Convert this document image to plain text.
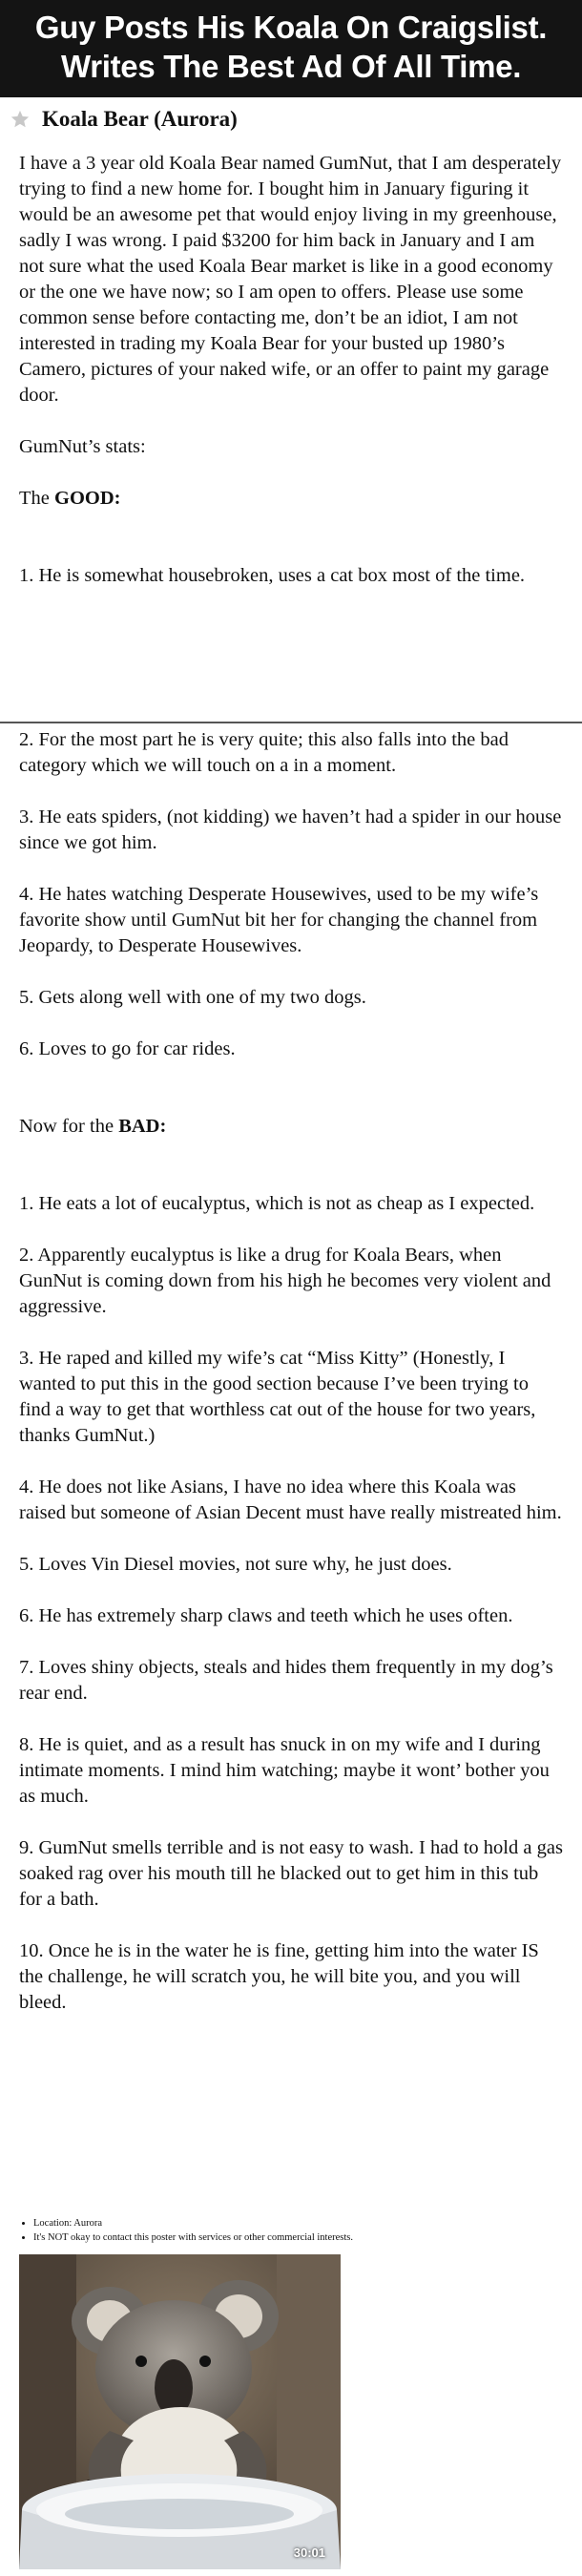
Guy Posts His Koala On Craigslist.
Writes The Best Ad Of All Time.
Koala Bear (Aurora)

I have a 3 year old Koala Bear named GumNut, that I am desperately trying to find a new home for. I bought him in January figuring it would be an awesome pet that would enjoy living in my greenhouse, sadly I was wrong. I paid $3200 for him back in January and I am not sure what the used Koala Bear market is like in a good economy or the one we have now; so I am open to offers. Please use some common sense before contacting me, don’t be an idiot, I am not interested in trading my Koala Bear for your busted up 1980’s Camero, pictures of your naked wife, or an offer to paint my garage door.

GumNut’s stats:

The GOOD:

1. He is somewhat housebroken, uses a cat box most of the time.

2. For the most part he is very quite; this also falls into the bad category which we will touch on a in a moment.

3. He eats spiders, (not kidding) we haven’t had a spider in our house since we got him.

4. He hates watching Desperate Housewives, used to be my wife’s favorite show until GumNut bit her for changing the channel from Jeopardy, to Desperate Housewives.

5. Gets along well with one of my two dogs.

6. Loves to go for car rides.

Now for the BAD:

1. He eats a lot of eucalyptus, which is not as cheap as I expected.

2. Apparently eucalyptus is like a drug for Koala Bears, when GunNut is coming down from his high he becomes very violent and aggressive.

3. He raped and killed my wife’s cat “Miss Kitty” (Honestly, I wanted to put this in the good section because I’ve been trying to find a way to get that worthless cat out of the house for two years, thanks GumNut.)

4. He does not like Asians, I have no idea where this Koala was raised but someone of Asian Decent must have really mistreated him.

5. Loves Vin Diesel movies, not sure why, he just does.

6. He has extremely sharp claws and teeth which he uses often.

7. Loves shiny objects, steals and hides them frequently in my dog’s rear end.

8. He is quiet, and as a result has snuck in on my wife and I during intimate moments. I mind him watching; maybe it wont’ bother you as much.

9. GumNut smells terrible and is not easy to wash. I had to hold a gas soaked rag over his mouth till he blacked out to get him in this tub for a bath.

10. Once he is in the water he is fine, getting him into the water IS the challenge, he will scratch you, he will bite you, and you will bleed.

• Location: Aurora
• It's NOT okay to contact this poster with services or other commercial interests.
30:01
